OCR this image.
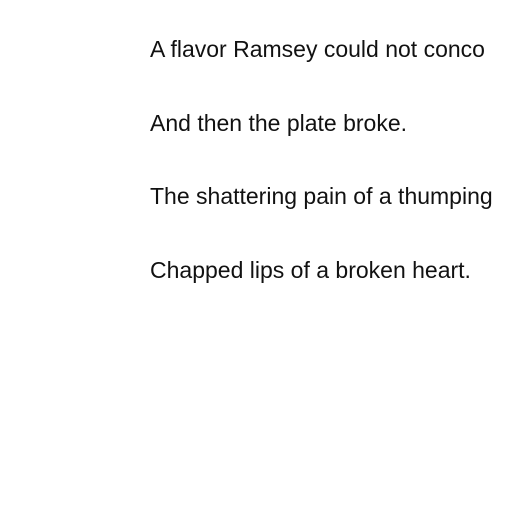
A flavor Ramsey could not conco

And then the plate broke.

The shattering pain of a thumping

Chapped lips of a broken heart.
